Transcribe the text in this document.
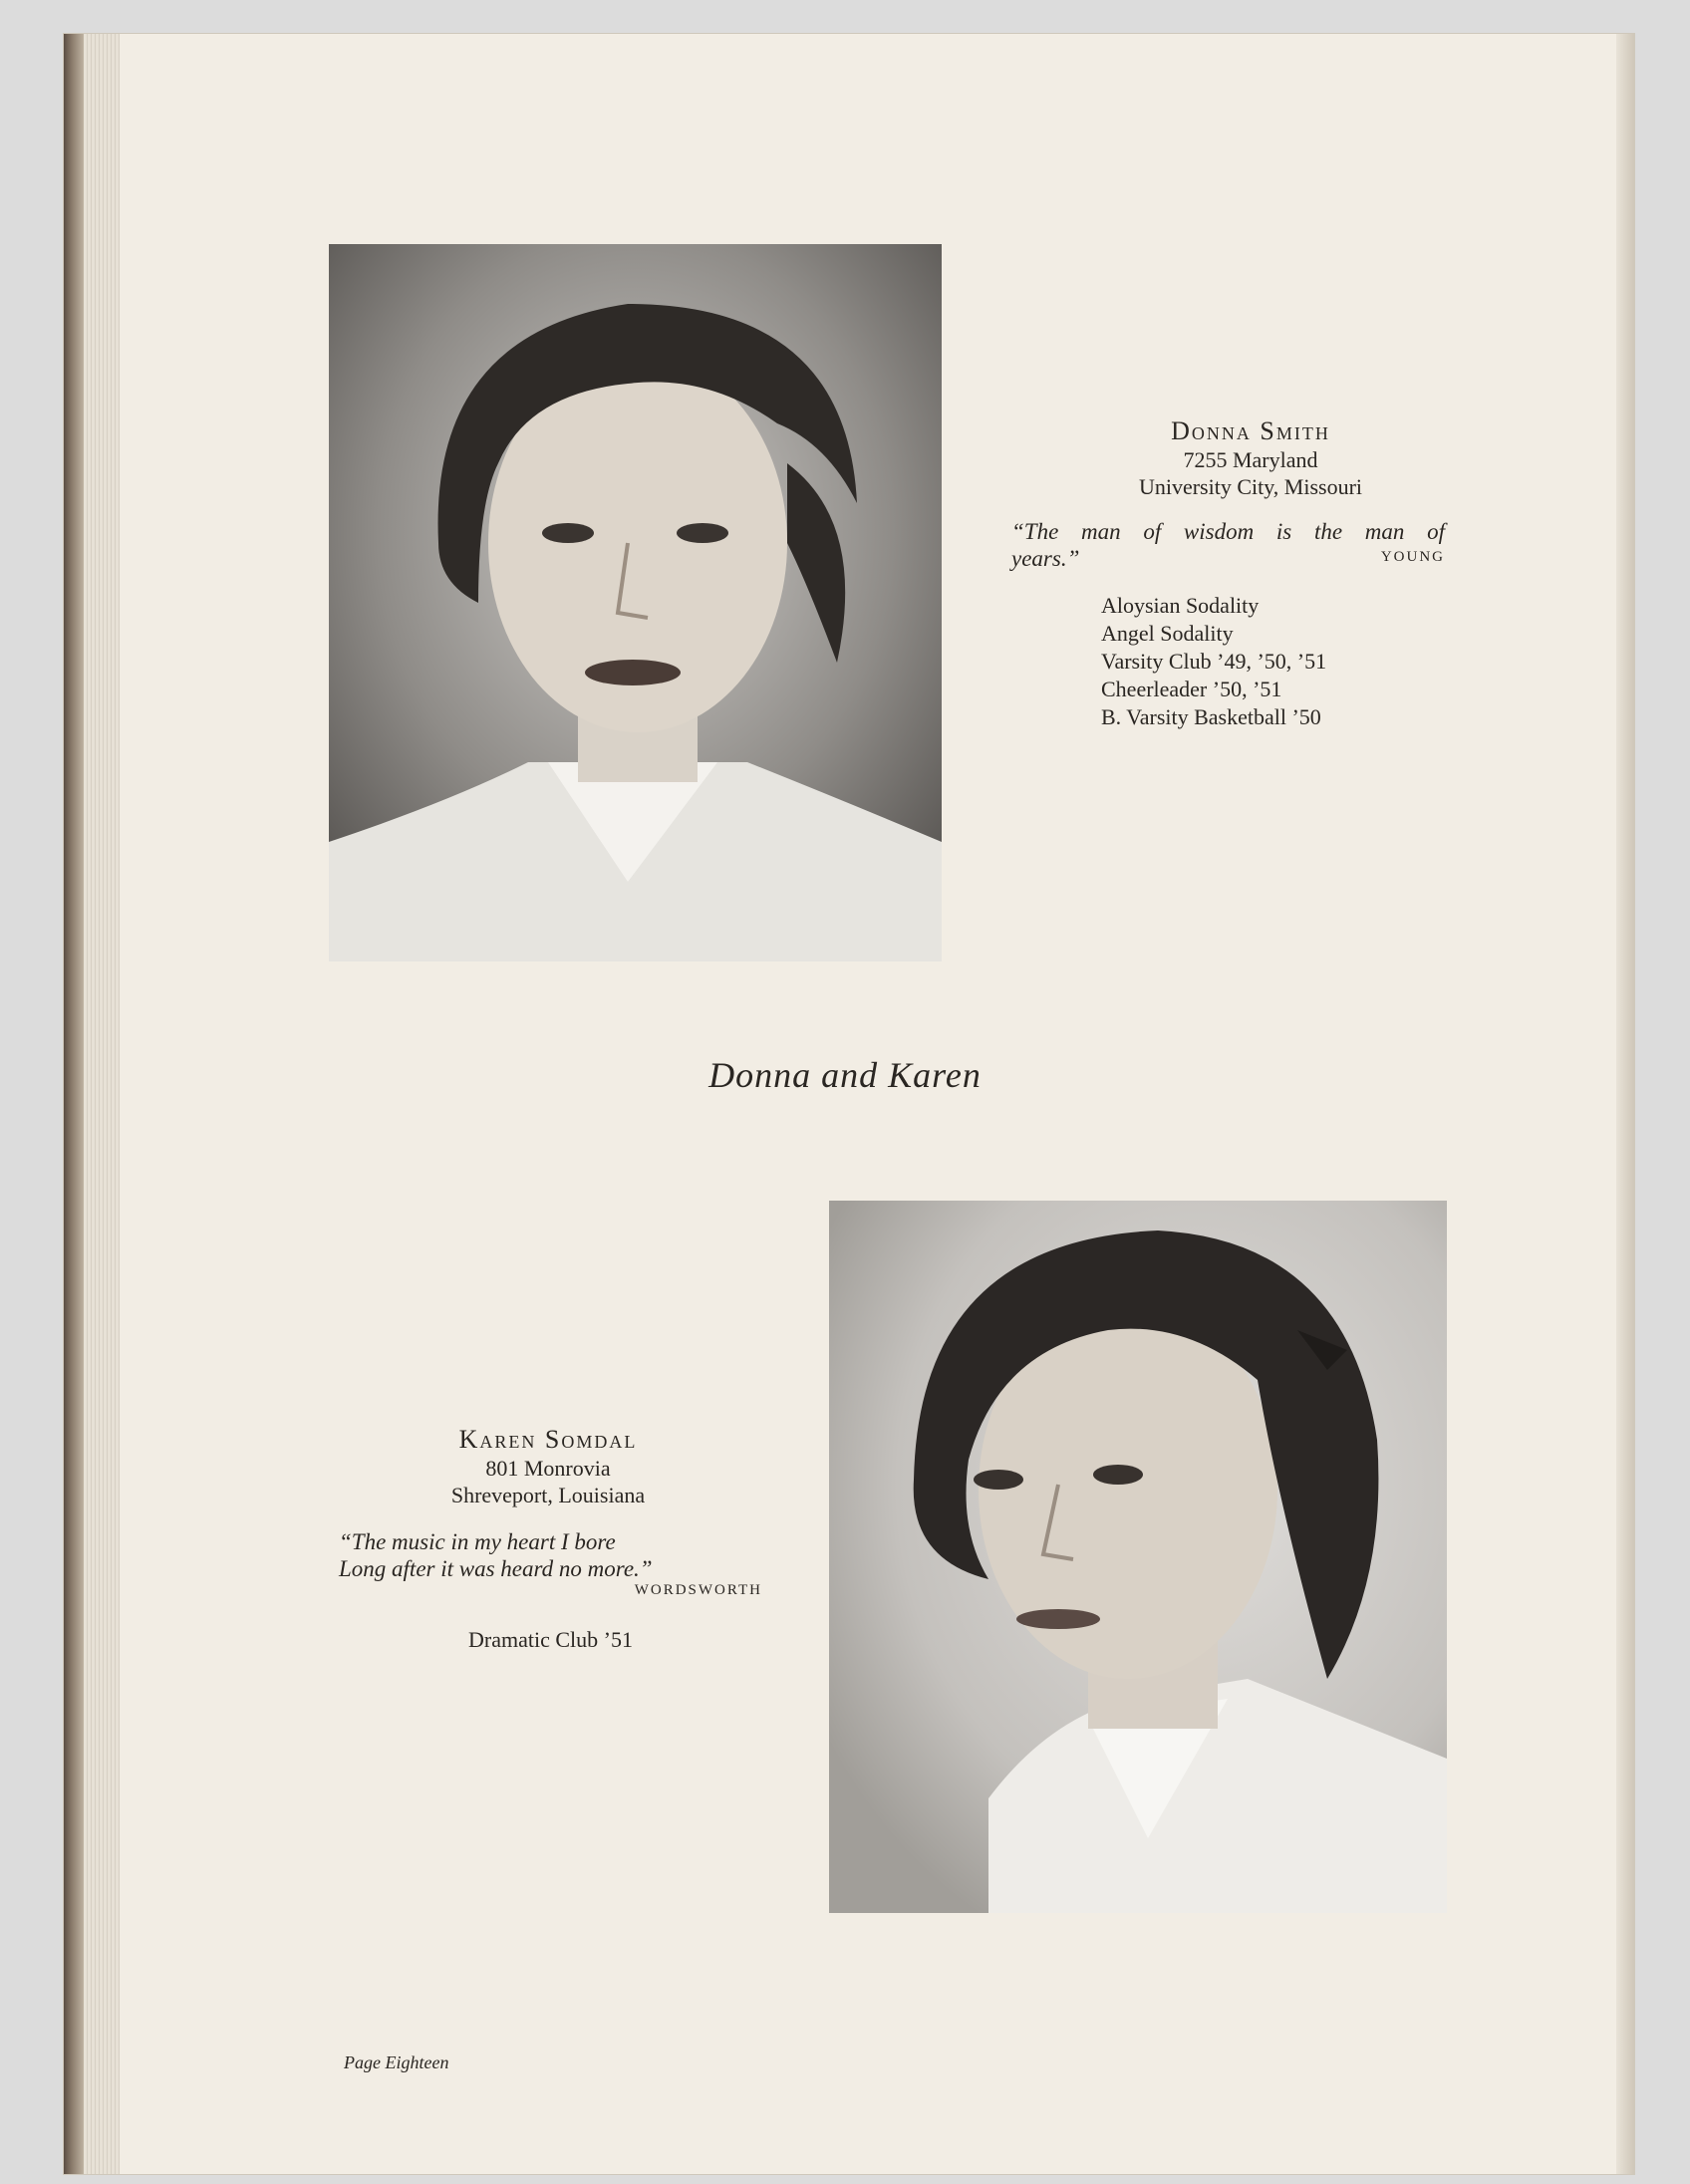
Donna Smith
7255 Maryland
University City, Missouri
“The man of wisdom is the man of
years.”	YOUNG
Aloysian Sodality
Angel Sodality
Varsity Club ’49, ’50, ’51
Cheerleader ’50, ’51
B. Varsity Basketball ’50
Donna and Karen
Karen Somdal
801 Monrovia
Shreveport, Louisiana
“The music in my heart I bore
Long after it was heard no more.”
WORDSWORTH
Dramatic Club ’51
Page Eighteen
